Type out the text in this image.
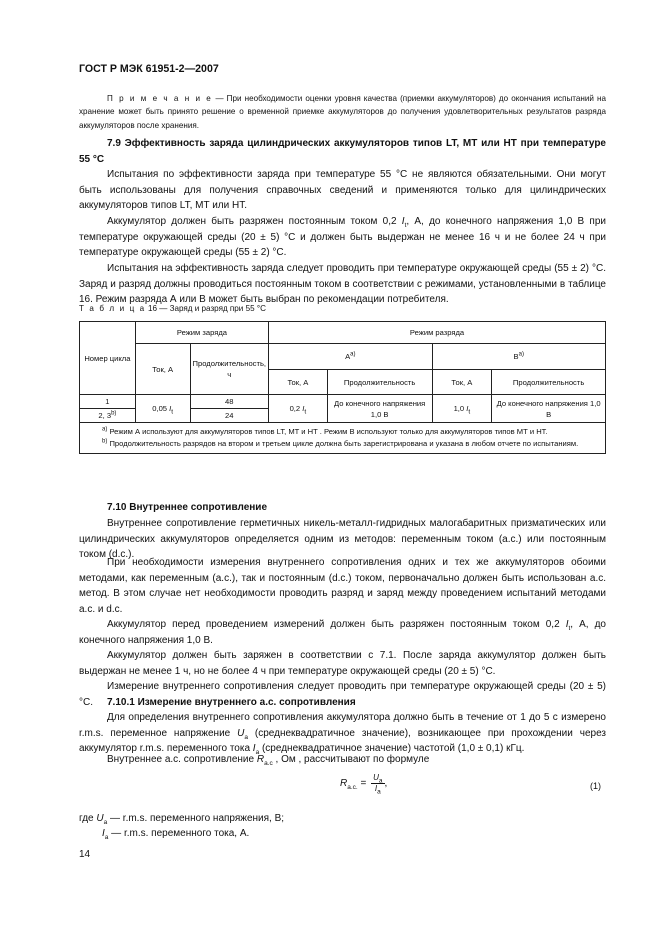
ГОСТ Р МЭК 61951-2—2007
П р и м е ч а н и е — При необходимости оценки уровня качества (приемки аккумуляторов) до окончания испытаний на хранение может быть принято решение о временной приемке аккумуляторов до получения удовлетворительных результатов разряда аккумуляторов после хранения.
7.9 Эффективность заряда цилиндрических аккумуляторов типов LT, MT или HT при температуре 55 °С
Испытания по эффективности заряда при температуре 55 °С не являются обязательными. Они могут быть использованы для получения справочных сведений и применяются только для цилиндрических аккумуляторов типов LT, MT или HT.
Аккумулятор должен быть разряжен постоянным током 0,2 $I_t$, А, до конечного напряжения 1,0 В при температуре окружающей среды (20 ± 5) °С и должен быть выдержан не менее 16 ч и не более 24 ч при температуре окружающей среды (55 ± 2) °С.
Испытания на эффективность заряда следует проводить при температуре окружающей среды (55 ± 2) °С. Заряд и разряд должны проводиться постоянным током в соответствии с режимами, установленными в таблице 16. Режим разряда А или В может быть выбран по рекомендации потребителя.
Т а б л и ц а 16 — Заряд и разряд при 55 °С
Номер цикла	Режим заряда		Режим разряда			
	Ток, А	Продолжительность, ч	$A^{a)}$		$B^{a)}$
			Ток, А	Продолжительность	Ток, А	Продолжительность
1	0,05 $I_t$	48	0,2 $I_t$	До конечного напряжения 1,0 В	1,0 $I_t$	До конечного напряжения 1,0 В
2, 3$^{b)}$		24				

$^{a)}$ Режим А используют для аккумуляторов типов LT, MT и HT . Режим В используют только для аккумуляторов типов МТ и НТ.

$^{b)}$ Продолжительность разрядов на втором и третьем цикле должна быть зарегистрирована и указана в любом отчете по испытаниям.						

7.10 Внутреннее сопротивление
Внутреннее сопротивление герметичных никель-металл-гидридных малогабаритных призматических или цилиндрических аккумуляторов определяется одним из методов: переменным током (а.с.) или постоянным током (d.c.).
При необходимости измерения внутреннего сопротивления одних и тех же аккумуляторов обоими методами, как переменным (а.с.), так и постоянным (d.c.) током, первоначально должен быть использован а.с. метод. В этом случае нет необходимости проводить разряд и заряд между проведением испытаний методами а.с. и d.c.
Аккумулятор перед проведением измерений должен быть разряжен постоянным током 0,2 $I_t$, А, до конечного напряжения 1,0 В.
Аккумулятор должен быть заряжен в соответствии с 7.1. После заряда аккумулятор должен быть выдержан не менее 1 ч, но не более 4 ч при температуре окружающей среды (20 ± 5) °С.
Измерение внутреннего сопротивления следует проводить при температуре окружающей среды (20 ± 5) °С.	7.10.1 Измерение внутреннего а.с. сопротивления
Для определения внутреннего сопротивления аккумулятора должно быть в течение от 1 до 5 с измерено r.m.s. переменное напряжение $U_a$ (среднеквадратичное значение), возникающее при прохождении через аккумулятор r.m.s. переменного тока $I_a$ (среднеквадратичное значение) частотой (1,0 ± 0,1) кГц.
Внутреннее а.с. сопротивление $R_{a.c}$ , Ом , рассчитывают по формуле
$R_{a.c.} = \frac{U_a}{I_a}$ ,	(1)
где $U_a$ — r.m.s. переменного напряжения, В;
$I_a$ — r.m.s. переменного тока, А.
14
